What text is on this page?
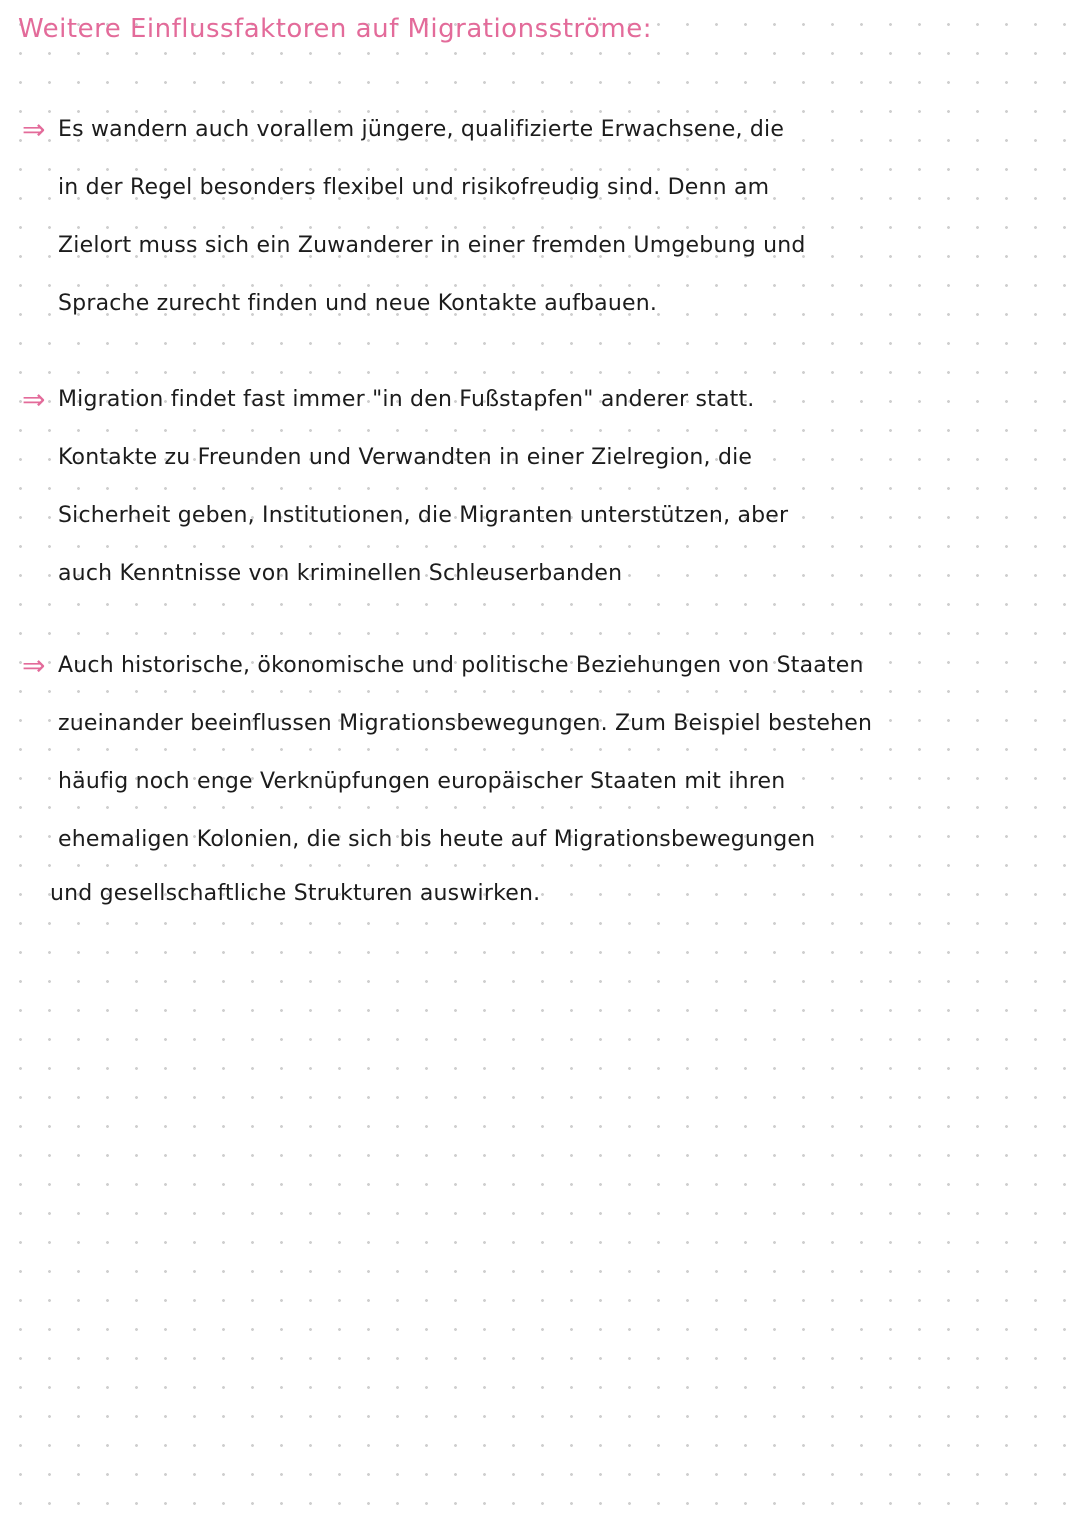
Weitere Einflussfaktoren auf Migrationsströme:
⇒ Es wandern auch vorallem jüngere, qualifizierte Erwachsene, die

in der Regel besonders flexibel und risikofreudig sind. Denn am

Zielort muss sich ein Zuwanderer in einer fremden Umgebung und

Sprache zurecht finden und neue Kontakte aufbauen.

⇒ Migration findet fast immer "in den Fußstapfen" anderer statt.

Kontakte zu Freunden und Verwandten in einer Zielregion, die

Sicherheit geben, Institutionen, die Migranten unterstützen, aber

auch Kenntnisse von kriminellen Schleuserbanden

⇒ Auch historische, ökonomische und politische Beziehungen von Staaten

zueinander beeinflussen Migrationsbewegungen. Zum Beispiel bestehen

häufig noch enge Verknüpfungen europäischer Staaten mit ihren

ehemaligen Kolonien, die sich bis heute auf Migrationsbewegungen

und gesellschaftliche Strukturen auswirken.
